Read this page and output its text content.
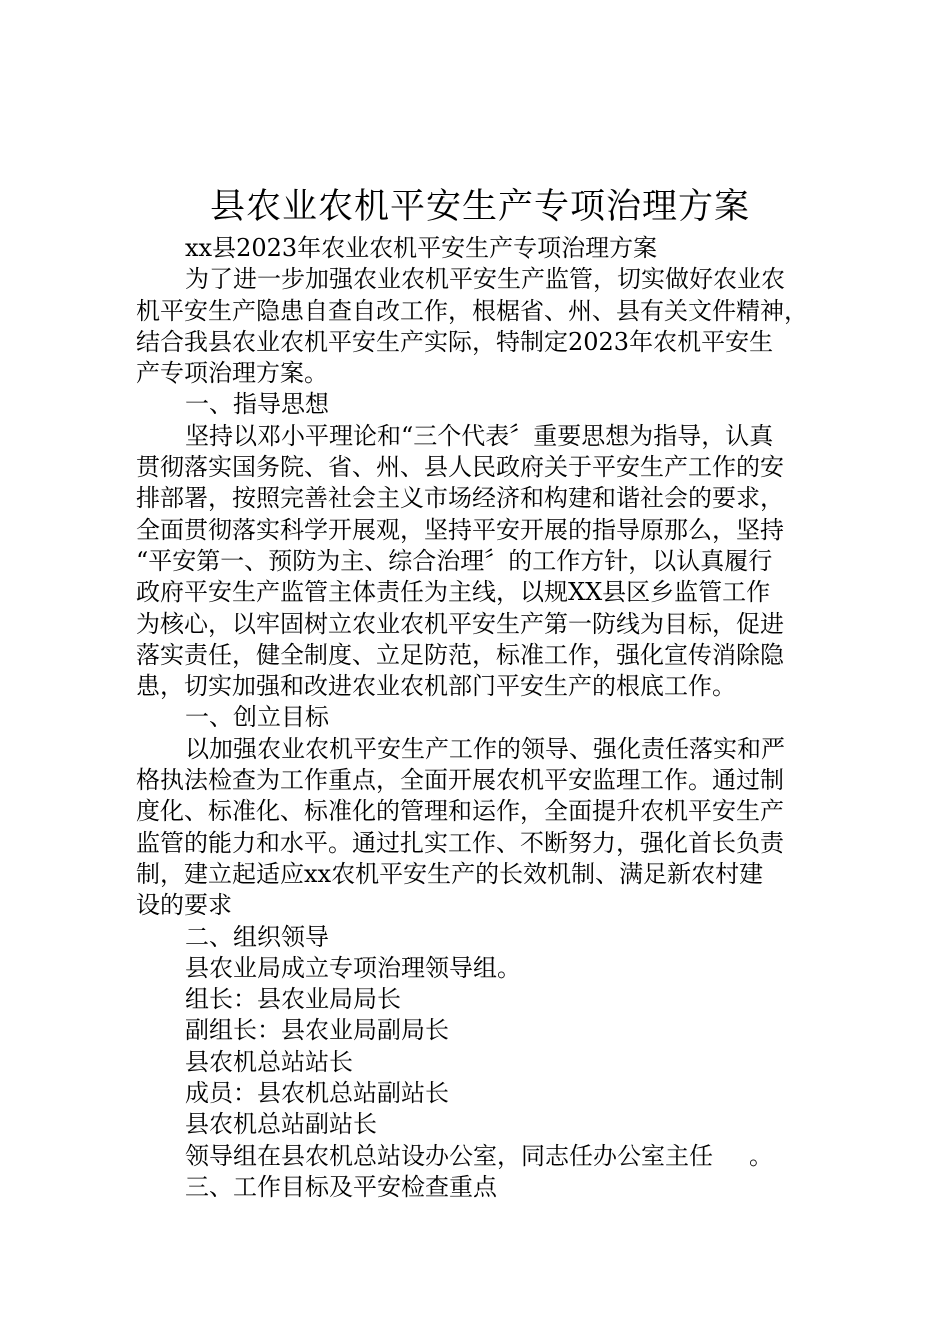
县农业农机平安生产专项治理方案
xx县2023年农业农机平安生产专项治理方案
为了进一步加强农业农机平安生产监管，切实做好农业农
机平安生产隐患自查自改工作，根椐省、州、县有关文件精神，
结合我县农业农机平安生产实际，特制定2023年农机平安生
产专项治理方案。
一、指导思想
坚持以邓小平理论和“三个代表〞重要思想为指导，认真
贯彻落实国务院、省、州、县人民政府关于平安生产工作的安
排部署，按照完善社会主义市场经济和构建和谐社会的要求，
全面贯彻落实科学开展观，坚持平安开展的指导原那么，坚持
“平安第一、预防为主、综合治理〞的工作方针，以认真履行
政府平安生产监管主体责任为主线，以规XX县区乡监管工作
为核心，以牢固树立农业农机平安生产第一防线为目标，促进
落实责任，健全制度、立足防范，标准工作，强化宣传消除隐
患，切实加强和改进农业农机部门平安生产的根底工作。
一、创立目标
以加强农业农机平安生产工作的领导、强化责任落实和严
格执法检查为工作重点，全面开展农机平安监理工作。通过制
度化、标准化、标准化的管理和运作，全面提升农机平安生产
监管的能力和水平。通过扎实工作、不断努力，强化首长负责
制，建立起适应xx农机平安生产的长效机制、满足新农村建
设的要求
二、组织领导
县农业局成立专项治理领导组。
组长：县农业局局长
副组长：县农业局副局长
县农机总站站长
成员：县农机总站副站长
县农机总站副站长
领导组在县农机总站设办公室，同志任办公室主任 。
三、工作目标及平安检查重点
